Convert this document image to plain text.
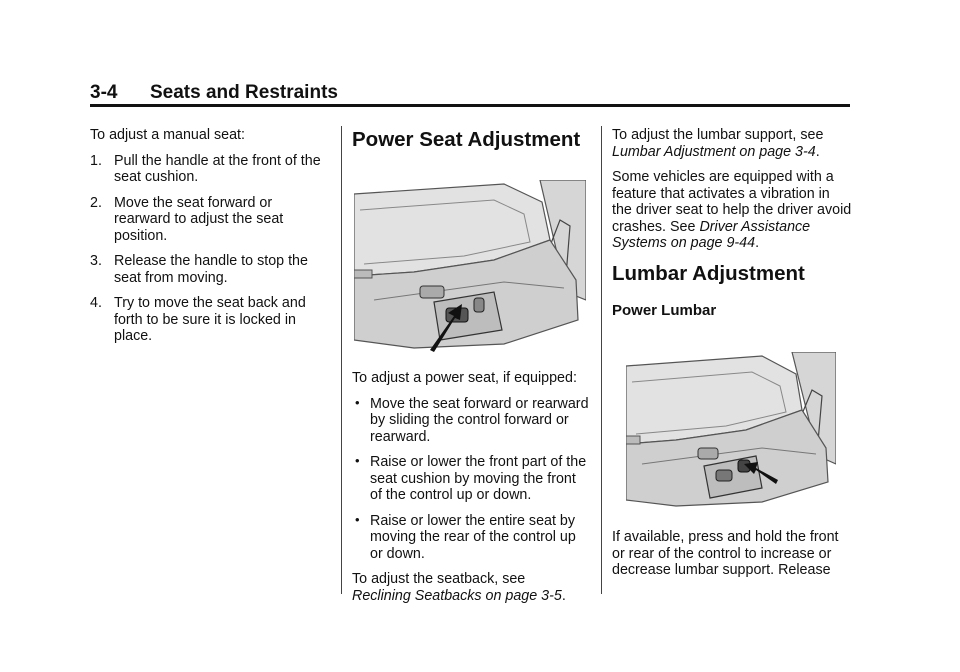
3-4 Seats and Restraints

To adjust a manual seat:

1. Pull the handle at the front of the seat cushion.
2. Move the seat forward or rearward to adjust the seat position.
3. Release the handle to stop the seat from moving.
4. Try to move the seat back and forth to be sure it is locked in place.
Power Seat Adjustment

To adjust a power seat, if equipped:

• Move the seat forward or rearward by sliding the control forward or rearward.
• Raise or lower the front part of the seat cushion by moving the front of the control up or down.
• Raise or lower the entire seat by moving the rear of the control up or down.

To adjust the seatback, see
Reclining Seatbacks on page 3-5.

To adjust the lumbar support, see
Lumbar Adjustment on page 3-4.

Some vehicles are equipped with a feature that activates a vibration in the driver seat to help the driver avoid crashes. See Driver Assistance Systems on page 9-44.

Lumbar Adjustment
Power Lumbar

If available, press and hold the front or rear of the control to increase or decrease lumbar support. Release
